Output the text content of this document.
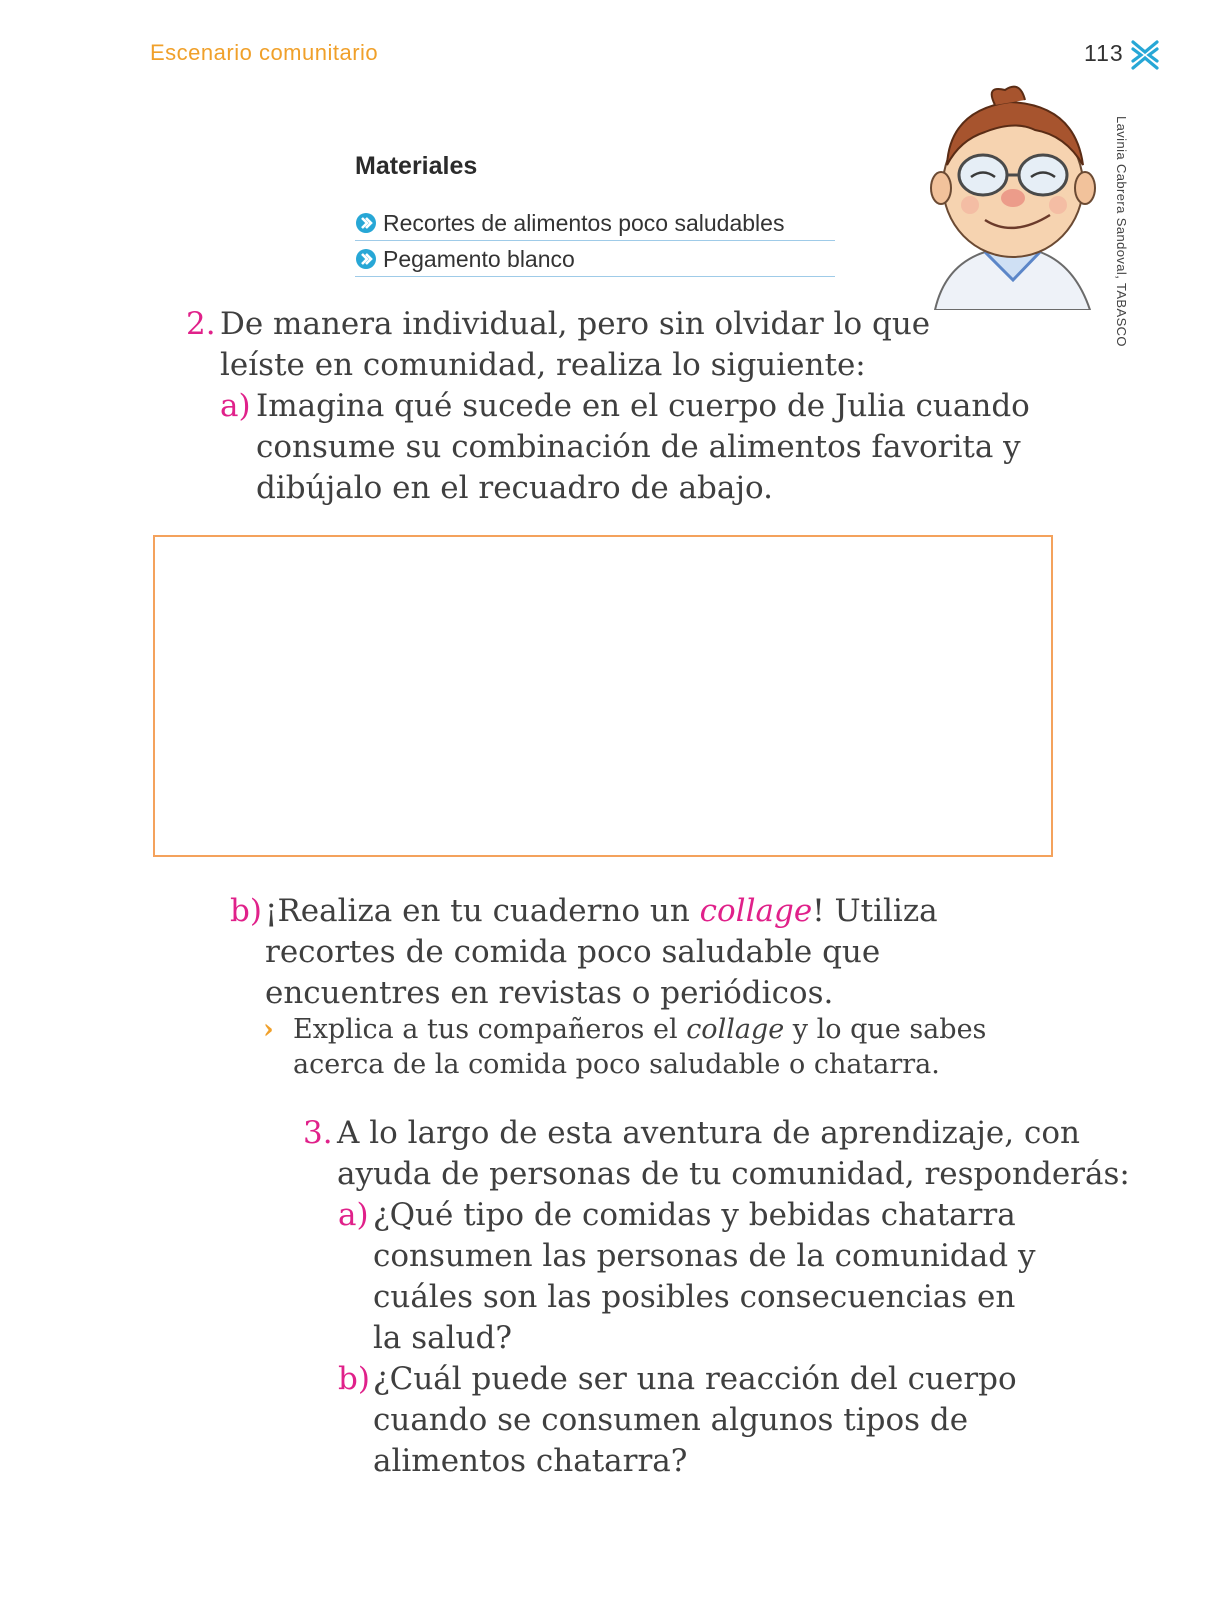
Escenario comunitario	113
Materiales
Recortes de alimentos poco saludables
Pegamento blanco	Lavinia Cabrera Sandoval, TABASCO
2. De manera individual, pero sin olvidar lo que
leíste en comunidad, realiza lo siguiente:
a) Imagina qué sucede en el cuerpo de Julia cuando
consume su combinación de alimentos favorita y
dibújalo en el recuadro de abajo.
b) ¡Realiza en tu cuaderno un collage! Utiliza
recortes de comida poco saludable que
encuentres en revistas o periódicos.
› Explica a tus compañeros el collage y lo que sabes
acerca de la comida poco saludable o chatarra.
3. A lo largo de esta aventura de aprendizaje, con
ayuda de personas de tu comunidad, responderás:
a) ¿Qué tipo de comidas y bebidas chatarra
consumen las personas de la comunidad y
cuáles son las posibles consecuencias en
la salud?
b) ¿Cuál puede ser una reacción del cuerpo
cuando se consumen algunos tipos de
alimentos chatarra?
